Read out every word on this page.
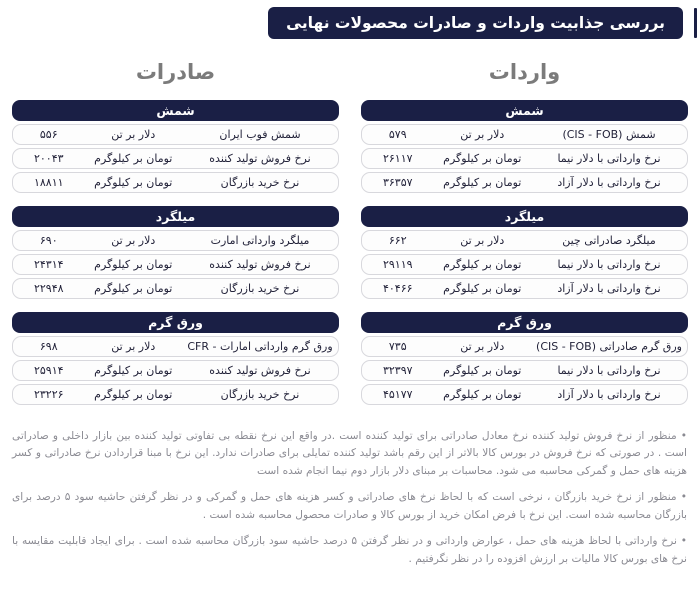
بررسی جذابیت واردات و صادرات محصولات نهایی
واردات
شمش
شمش (CIS - FOB)
دلار بر تن
۵۷۹
نرخ وارداتی با دلار نیما
تومان بر کیلوگرم
۲۶۱۱۷
نرخ وارداتی با دلار آزاد
تومان بر کیلوگرم
۳۶۳۵۷
میلگرد
میلگرد صادراتی چین
دلار بر تن
۶۶۲
نرخ وارداتی با دلار نیما
تومان بر کیلوگرم
۲۹۱۱۹
نرخ وارداتی با دلار آزاد
تومان بر کیلوگرم
۴۰۴۶۶
ورق گرم
ورق گرم صادراتی (CIS - FOB)
دلار بر تن
۷۳۵
نرخ وارداتی با دلار نیما
تومان بر کیلوگرم
۳۲۳۹۷
نرخ وارداتی با دلار آزاد
تومان بر کیلوگرم
۴۵۱۷۷
صادرات
شمش
شمش فوب ایران
دلار بر تن
۵۵۶
نرخ فروش تولید کننده
تومان بر کیلوگرم
۲۰۰۴۳
نرخ خرید بازرگان
تومان بر کیلوگرم
۱۸۸۱۱
میلگرد
میلگرد وارداتی امارت
دلار بر تن
۶۹۰
نرخ فروش تولید کننده
تومان بر کیلوگرم
۲۴۳۱۴
نرخ خرید بازرگان
تومان بر کیلوگرم
۲۲۹۴۸
ورق گرم
ورق گرم وارداتی امارات - CFR
دلار بر تن
۶۹۸
نرخ فروش تولید کننده
تومان بر کیلوگرم
۲۵۹۱۴
نرخ خرید بازرگان
تومان بر کیلوگرم
۲۳۲۲۶
• منظور از نرخ فروش تولید کننده نرخ معادل صادراتی برای تولید کننده است .در واقع این نرخ نقطه بی تفاوتی تولید کننده بین بازار داخلی و صادراتی است . در صورتی که نرخ فروش در بورس کالا بالاتر از این رقم باشد تولید کننده تمایلی برای صادرات ندارد. این نرخ با مبنا قراردادن نرخ صادراتی و کسر هزینه های حمل و گمرکی محاسبه می شود. محاسبات بر مبنای دلار بازار دوم نیما انجام شده است
• منظور از نرخ خرید بازرگان ، نرخی است که با لحاظ نرخ های صادراتی و کسر هزینه های حمل و گمرکی و در نظر گرفتن حاشیه سود ۵ درصد برای بازرگان محاسبه شده است. این نرخ با فرض امکان خرید از بورس کالا و صادرات محصول محاسبه شده است .
• نرخ وارداتی با لحاظ هزینه های حمل ، عوارض وارداتی و در نظر گرفتن ۵ درصد حاشیه سود بازرگان محاسبه شده است . برای ایجاد قابلیت مقایسه با نرخ های بورس کالا مالیات بر ارزش افزوده را در نظر نگرفتیم .
